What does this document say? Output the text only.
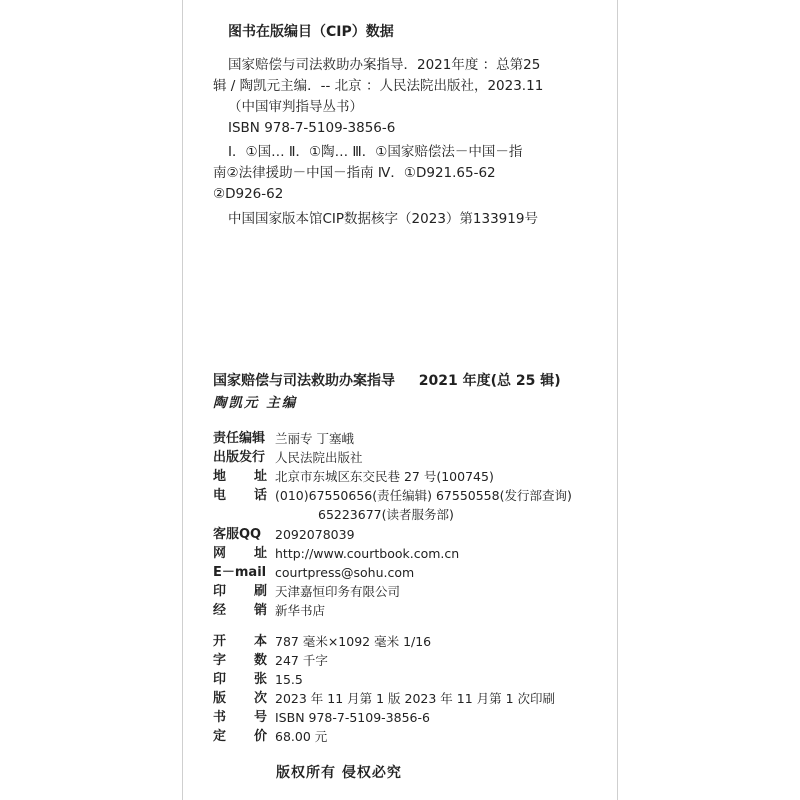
图书在版编目（CIP）数据
国家赔偿与司法救助办案指导．2021年度 ：总第25
辑 / 陶凯元主编．-- 北京 ：人民法院出版社，2023.11
（中国审判指导丛书）
ISBN 978-7-5109-3856-6
Ⅰ．①国… Ⅱ．①陶… Ⅲ．①国家赔偿法－中国－指
南②法律援助－中国－指南 Ⅳ．①D921.65-62
②D926-62
中国国家版本馆CIP数据核字（2023）第133919号
国家赔偿与司法救助办案指导 2021 年度(总 25 辑)
陶凯元 主编
责任编辑 兰丽专 丁塞峨
出版发行 人民法院出版社
地 址 北京市东城区东交民巷 27 号(100745)
电 话 (010)67550656(责任编辑) 67550558(发行部查询)
65223677(读者服务部)
客服QQ 2092078039
网 址 http://www.courtbook.com.cn
E－mail courtpress@sohu.com
印 刷 天津嘉恒印务有限公司
经 销 新华书店
开 本 787 毫米×1092 毫米 1/16
字 数 247 千字
印 张 15.5
版 次 2023 年 11 月第 1 版 2023 年 11 月第 1 次印刷
书 号 ISBN 978-7-5109-3856-6
定 价 68.00 元
版权所有 侵权必究
